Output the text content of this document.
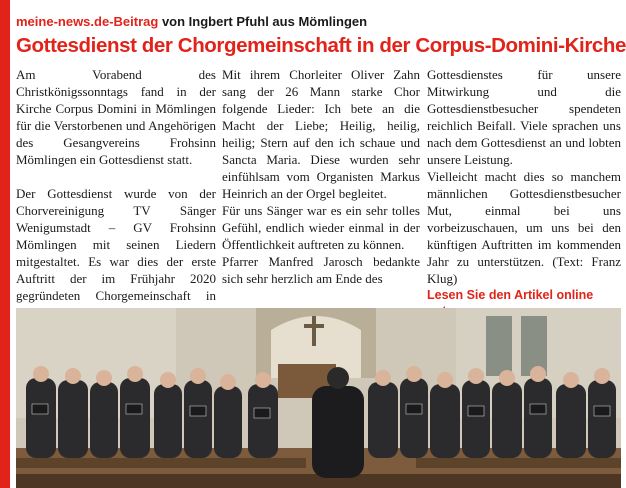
meine-news.de-Beitrag von Ingbert Pfuhl aus Mömlingen
Gottesdienst der Chorgemeinschaft in der Corpus-Domini-Kirche

Am Vorabend des Christkönigssonntags fand in der Kirche Corpus Domini in Mömlingen für die Verstorbenen und Angehörigen des Gesangvereins Frohsinn Mömlingen ein Gottesdienst statt.

Der Gottesdienst wurde von der Chorvereinigung TV Sänger Wenigumstadt – GV Frohsinn Mömlingen mit seinen Liedern mitgestaltet. Es war dies der erste Auftritt der im Frühjahr 2020 gegründeten Chorgemeinschaft in

Mit ihrem Chorleiter Oliver Zahn sang der 26 Mann starke Chor folgende Lieder: Ich bete an die Macht der Liebe; Heilig, heilig, heilig; Stern auf den ich schaue und Sancta Maria. Diese wurden sehr einfühlsam vom Organisten Markus Heinrich an der Orgel begleitet.

Für uns Sänger war es ein sehr tolles Gefühl, endlich wieder einmal in der Öffentlichkeit auftreten zu können.

Pfarrer Manfred Jarosch bedankte sich sehr herzlich am Ende des

Gottesdienstes für unsere Mitwirkung und die Gottesdienstbesucher spendeten reichlich Beifall. Viele sprachen uns nach dem Gottesdienst an und lobten unsere Leistung.

Vielleicht macht dies so manchem männlichen Gottesdienstbesucher Mut, einmal bei uns vorbeizuschauen, um uns bei den künftigen Auftritten im kommenden Jahr zu unterstützen. (Text: Franz Klug)

Lesen Sie den Artikel online
